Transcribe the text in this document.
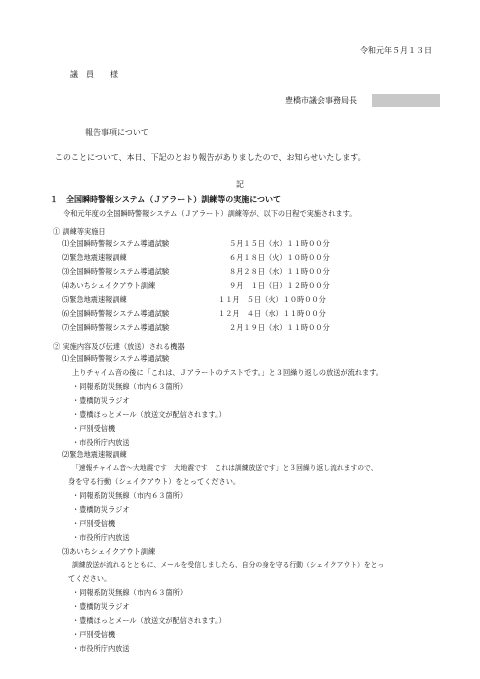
令和元年５月１３日
議　員　　様
豊橋市議会事務局長
報告事項について
このことについて、本日、下記のとおり報告がありましたので、お知らせいたします。
記
１　全国瞬時警報システム（Ｊアラート）訓練等の実施について
令和元年度の全国瞬時警報システム（Ｊアラート）訓練等が、以下の日程で実施されます。
① 訓練等実施日
⑴全国瞬時警報システム導通試験	５月１５日（水）１１時００分
⑵緊急地震速報訓練	６月１８日（火）１０時００分
⑶全国瞬時警報システム導通試験	８月２８日（水）１１時００分
⑷あいちシェイクアウト訓練	９月　１日（日）１２時００分
⑸緊急地震速報訓練	１１月　５日（火）１０時００分
⑹全国瞬時警報システム導通試験	１２月　４日（水）１１時００分
⑺全国瞬時警報システム導通試験	２月１９日（水）１１時００分
② 実施内容及び伝達（放送）される機器
⑴全国瞬時警報システム導通試験
上りチャイム音の後に「これは、Ｊアラートのテストです。」と３回繰り返しの放送が流れます。
・同報系防災無線（市内６３箇所）
・豊橋防災ラジオ
・豊橋ほっとメール（放送文が配信されます。）
・戸別受信機
・市役所庁内放送
⑵緊急地震速報訓練
「速報チャイム音〜大地震です　大地震です　これは訓練放送です」と３回繰り返し流れますので、
身を守る行動（シェイクアウト）をとってください。
・同報系防災無線（市内６３箇所）
・豊橋防災ラジオ
・戸別受信機
・市役所庁内放送
⑶あいちシェイクアウト訓練
訓練放送が流れるとともに、メールを受信しましたら、自分の身を守る行動（シェイクアウト）をとっ
てください。
・同報系防災無線（市内６３箇所）
・豊橋防災ラジオ
・豊橋ほっとメール（放送文が配信されます。）
・戸別受信機
・市役所庁内放送
